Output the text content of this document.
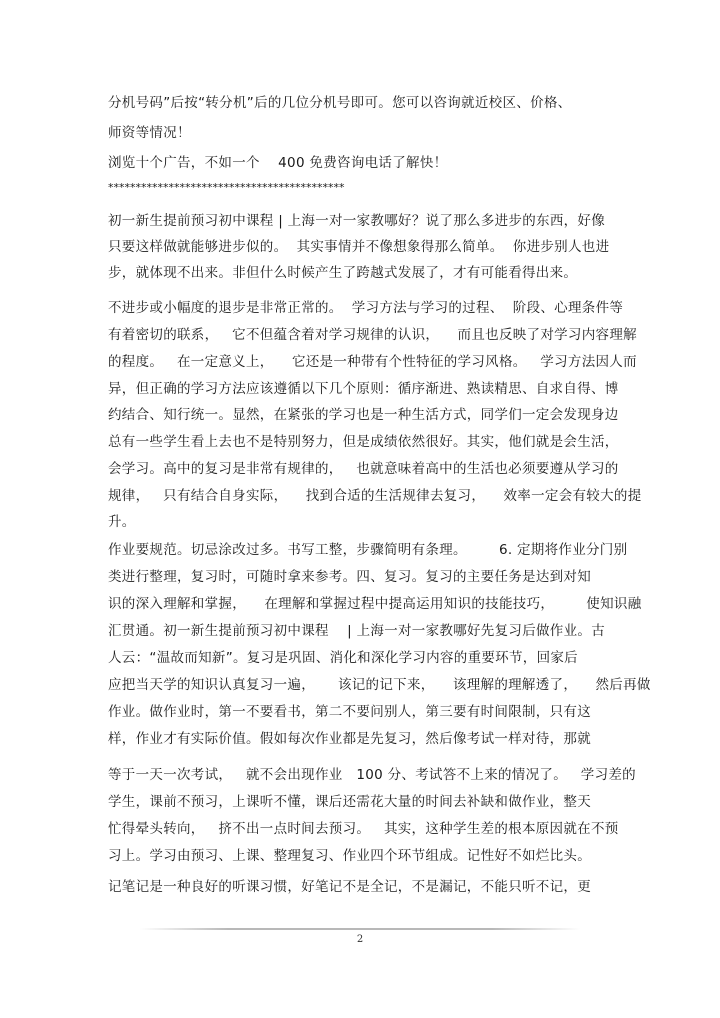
分机号码”后按“转分机”后的几位分机号即可。您可以咨询就近校区、价格、
师资等情况！
浏览十个广告，不如一个    400 免费咨询电话了解快！
*******************************************
初一新生提前预习初中课程 | 上海一对一家教哪好？说了那么多进步的东西，好像
只要这样做就能够进步似的。  其实事情并不像想象得那么简单。  你进步别人也进
步，就体现不出来。非但什么时候产生了跨越式发展了，才有可能看得出来。
不进步或小幅度的退步是非常正常的。  学习方法与学习的过程、  阶段、心理条件等
有着密切的联系，   它不但蕴含着对学习规律的认识，    而且也反映了对学习内容理解
的程度。   在一定意义上，    它还是一种带有个性特征的学习风格。   学习方法因人而
异，但正确的学习方法应该遵循以下几个原则：循序渐进、熟读精思、自求自得、博
约结合、知行统一。显然，在紧张的学习也是一种生活方式，同学们一定会发现身边
总有一些学生看上去也不是特别努力，但是成绩依然很好。其实，他们就是会生活，
会学习。高中的复习是非常有规律的，   也就意味着高中的生活也必须要遵从学习的
规律，   只有结合自身实际，    找到合适的生活规律去复习，    效率一定会有较大的提
升。
作业要规范。切忌涂改过多。书写工整，步骤简明有条理。       6. 定期将作业分门别
类进行整理，复习时，可随时拿来参考。四、复习。复习的主要任务是达到对知
识的深入理解和掌握，    在理解和掌握过程中提高运用知识的技能技巧，       使知识融
汇贯通。初一新生提前预习初中课程    | 上海一对一家教哪好先复习后做作业。古
人云：“温故而知新”。复习是巩固、消化和深化学习内容的重要环节，回家后
应把当天学的知识认真复习一遍，     该记的记下来，    该理解的理解透了，    然后再做
作业。做作业时，第一不要看书，第二不要问别人，第三要有时间限制，只有这
样，作业才有实际价值。假如每次作业都是先复习，然后像考试一样对待，那就
等于一天一次考试，   就不会出现作业   100 分、考试答不上来的情况了。   学习差的
学生，课前不预习，上课听不懂，课后还需花大量的时间去补缺和做作业，整天
忙得晕头转向，   挤不出一点时间去预习。   其实，这种学生差的根本原因就在不预
习上。学习由预习、上课、整理复习、作业四个环节组成。记性好不如烂比头。
记笔记是一种良好的听课习惯，好笔记不是全记，不是漏记，不能只听不记，更
2
